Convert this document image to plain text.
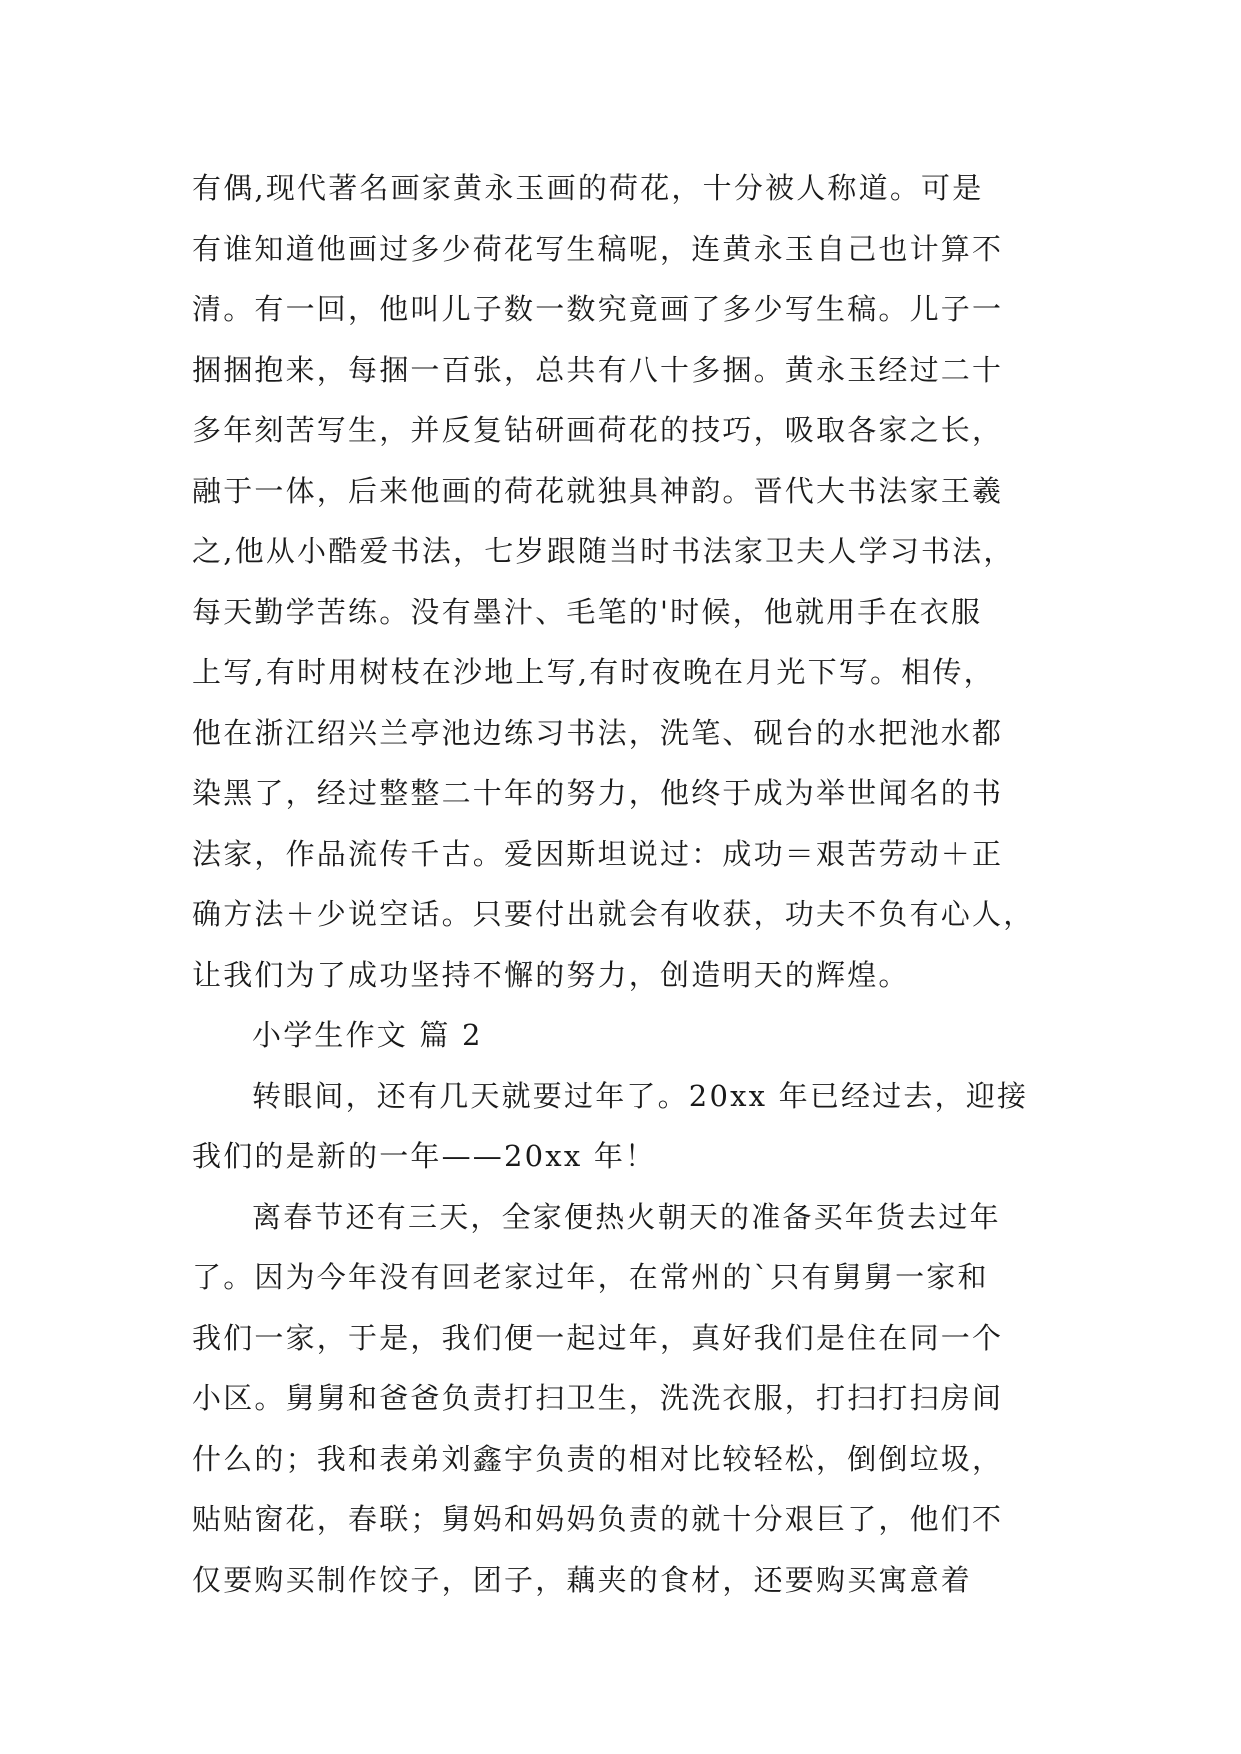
有偶,现代著名画家黄永玉画的荷花，十分被人称道。可是
有谁知道他画过多少荷花写生稿呢，连黄永玉自己也计算不
清。有一回，他叫儿子数一数究竟画了多少写生稿。儿子一
捆捆抱来，每捆一百张，总共有八十多捆。黄永玉经过二十
多年刻苦写生，并反复钻研画荷花的技巧，吸取各家之长，
融于一体，后来他画的荷花就独具神韵。晋代大书法家王羲
之,他从小酷爱书法，七岁跟随当时书法家卫夫人学习书法，
每天勤学苦练。没有墨汁、毛笔的'时候，他就用手在衣服
上写,有时用树枝在沙地上写,有时夜晚在月光下写。相传，
他在浙江绍兴兰亭池边练习书法，洗笔、砚台的水把池水都
染黑了，经过整整二十年的努力，他终于成为举世闻名的书
法家，作品流传千古。爱因斯坦说过：成功＝艰苦劳动＋正
确方法＋少说空话。只要付出就会有收获，功夫不负有心人，
让我们为了成功坚持不懈的努力，创造明天的辉煌。
小学生作文 篇 2
转眼间，还有几天就要过年了。20xx 年已经过去，迎接
我们的是新的一年——20xx 年！
离春节还有三天，全家便热火朝天的准备买年货去过年
了。因为今年没有回老家过年，在常州的`只有舅舅一家和
我们一家，于是，我们便一起过年，真好我们是住在同一个
小区。舅舅和爸爸负责打扫卫生，洗洗衣服，打扫打扫房间
什么的；我和表弟刘鑫宇负责的相对比较轻松，倒倒垃圾，
贴贴窗花，春联；舅妈和妈妈负责的就十分艰巨了，他们不
仅要购买制作饺子，团子，藕夹的食材，还要购买寓意着
